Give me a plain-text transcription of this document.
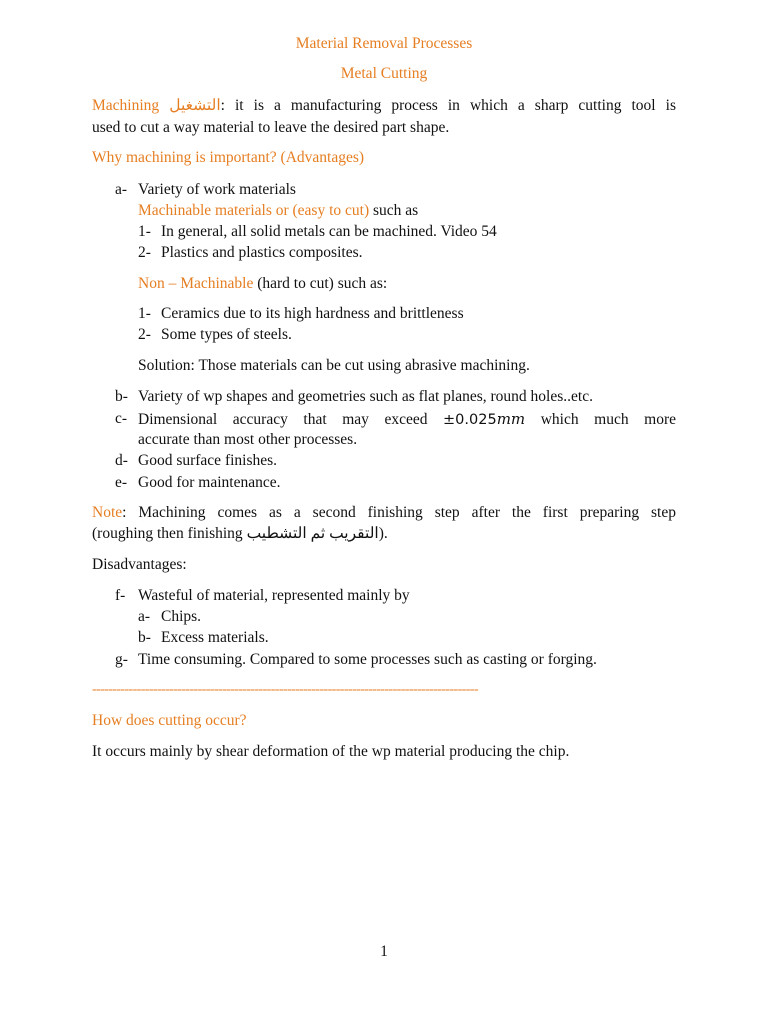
Material Removal Processes
Metal Cutting
Machining التشغيل: it is a manufacturing process in which a sharp cutting tool is
used to cut a way material to leave the desired part shape.
Why machining is important? (Advantages)
a- Variety of work materials
Machinable materials or (easy to cut) such as
1- In general, all solid metals can be machined. Video 54
2- Plastics and plastics composites.
Non – Machinable (hard to cut) such as:
1- Ceramics due to its high hardness and brittleness
2- Some types of steels.
Solution: Those materials can be cut using abrasive machining.
b- Variety of wp shapes and geometries such as flat planes, round holes..etc.
c- Dimensional accuracy that may exceed ±0.025mm which much more
accurate than most other processes.
d- Good surface finishes.
e- Good for maintenance.
Note: Machining comes as a second finishing step after the first preparing step
(roughing then finishing التقريب ثم التشطيب).
Disadvantages:
f- Wasteful of material, represented mainly by
a- Chips.
b- Excess materials.
g- Time consuming. Compared to some processes such as casting or forging.
-----------------------------------------------------------------------------------------------
How does cutting occur?
It occurs mainly by shear deformation of the wp material producing the chip.
1
